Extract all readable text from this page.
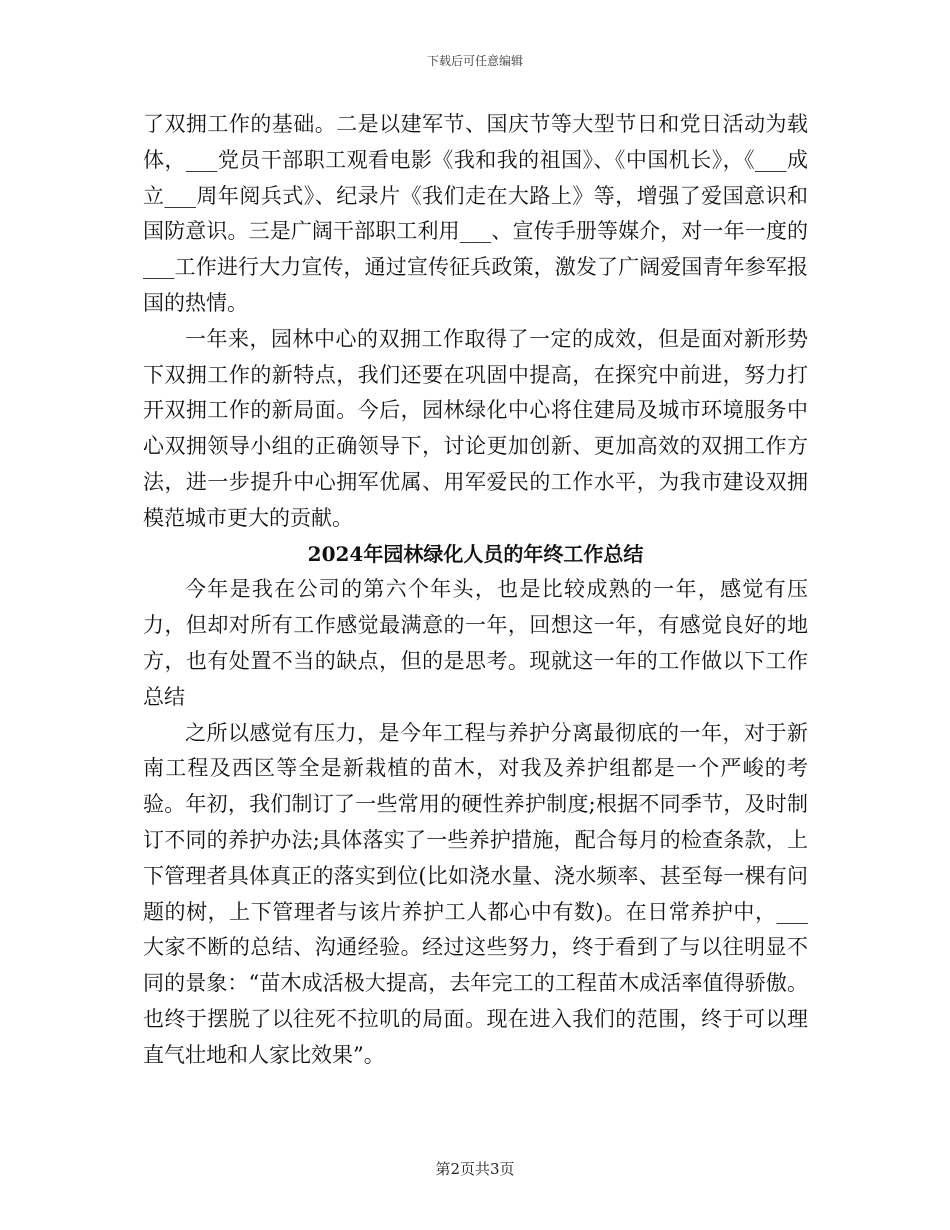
下载后可任意编辑

了双拥工作的基础。二是以建军节、国庆节等大型节日和党日活动为载体，___党员干部职工观看电影《我和我的祖国》、《中国机长》，《___成立___周年阅兵式》、纪录片《我们走在大路上》等，增强了爱国意识和国防意识。三是广阔干部职工利用___、宣传手册等媒介，对一年一度的___工作进行大力宣传，通过宣传征兵政策，激发了广阔爱国青年参军报国的热情。

一年来，园林中心的双拥工作取得了一定的成效，但是面对新形势下双拥工作的新特点，我们还要在巩固中提高，在探究中前进，努力打开双拥工作的新局面。今后，园林绿化中心将住建局及城市环境服务中心双拥领导小组的正确领导下，讨论更加创新、更加高效的双拥工作方法，进一步提升中心拥军优属、用军爱民的工作水平，为我市建设双拥模范城市更大的贡献。

2024年园林绿化人员的年终工作总结

今年是我在公司的第六个年头，也是比较成熟的一年，感觉有压力，但却对所有工作感觉最满意的一年，回想这一年，有感觉良好的地方，也有处置不当的缺点，但的是思考。现就这一年的工作做以下工作总结

之所以感觉有压力，是今年工程与养护分离最彻底的一年，对于新南工程及西区等全是新栽植的苗木，对我及养护组都是一个严峻的考验。年初，我们制订了一些常用的硬性养护制度;根据不同季节，及时制订不同的养护办法;具体落实了一些养护措施，配合每月的检查条款，上下管理者具体真正的落实到位(比如浇水量、浇水频率、甚至每一棵有问题的树，上下管理者与该片养护工人都心中有数)。在日常养护中，___大家不断的总结、沟通经验。经过这些努力，终于看到了与以往明显不同的景象：“苗木成活极大提高，去年完工的工程苗木成活率值得骄傲。也终于摆脱了以往死不拉叽的局面。现在进入我们的范围，终于可以理直气壮地和人家比效果”。

第2页共3页
